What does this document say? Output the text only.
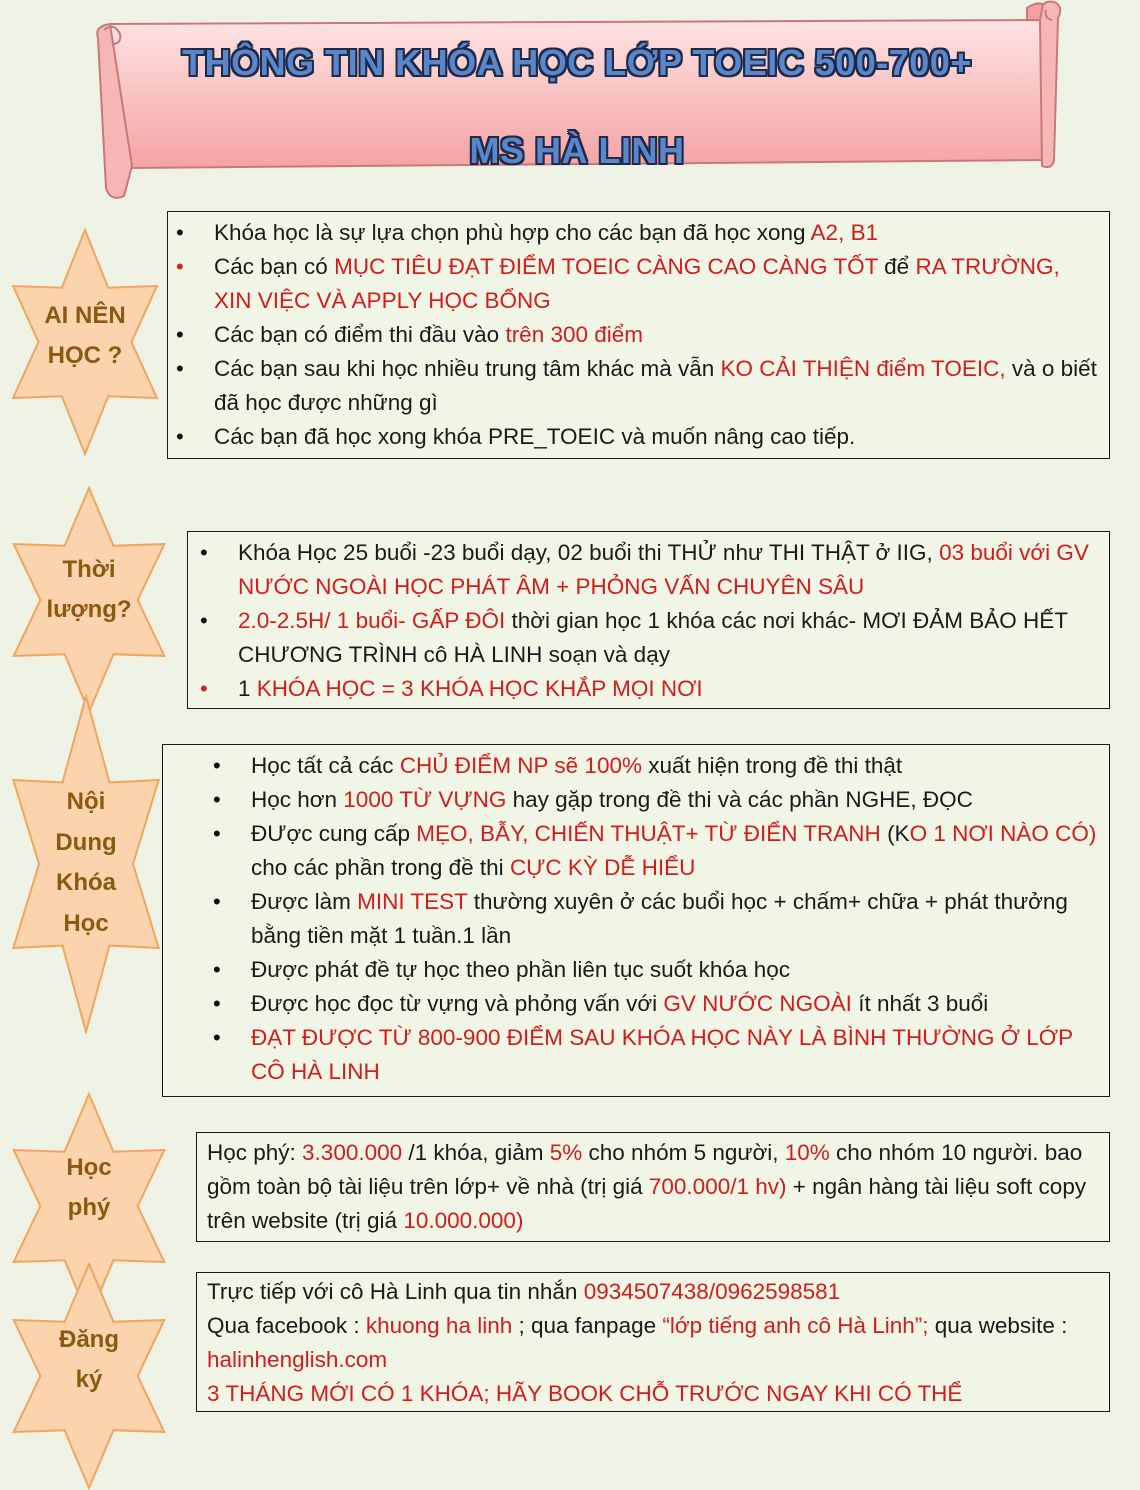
THÔNG TIN KHÓA HỌC LỚP TOEIC 500-700+
MS HÀ LINH
AI NÊN
HỌC ?
• Khóa học là sự lựa chọn phù hợp cho các bạn đã học xong A2, B1
• Các bạn có MỤC TIÊU ĐẠT ĐIỂM TOEIC CÀNG CAO CÀNG TỐT để RA TRƯỜNG, XIN VIỆC VÀ APPLY HỌC BỔNG
• Các bạn có điểm thi đầu vào trên 300 điểm
• Các bạn sau khi học nhiều trung tâm khác mà vẫn KO CẢI THIỆN điểm TOEIC, và o biết đã học được những gì
• Các bạn đã học xong khóa PRE_TOEIC và muốn nâng cao tiếp.
Thời
lượng?
• Khóa Học 25 buổi -23 buổi dạy, 02 buổi thi THỬ như THI THẬT ở IIG, 03 buổi với GV NƯỚC NGOÀI HỌC PHÁT ÂM + PHỎNG VẤN CHUYÊN SÂU
• 2.0-2.5H/ 1 buổi- GẤP ĐÔI thời gian học 1 khóa các nơi khác- MƠI ĐẢM BẢO HẾT CHƯƠNG TRÌNH cô HÀ LINH soạn và dạy
• 1 KHÓA HỌC = 3 KHÓA HỌC KHẮP MỌI NƠI
Nội
Dung
Khóa
Học
• Học tất cả các CHỦ ĐIỂM NP sẽ 100% xuất hiện trong đề thi thật
• Học hơn 1000 TỪ VỰNG hay gặp trong đề thi và các phần NGHE, ĐỌC
• ĐƯợc cung cấp MẸO, BẪY, CHIẾN THUẬT+ TỪ ĐIỂN TRANH (KO 1 NƠI NÀO CÓ) cho các phần trong đề thi CỰC KỲ DỄ HIỂU
• Được làm MINI TEST thường xuyên ở các buổi học + chấm+ chữa + phát thưởng bằng tiền mặt 1 tuần.1 lần
• Được phát đề tự học theo phần liên tục suốt khóa học
• Được học đọc từ vựng và phỏng vấn với GV NƯỚC NGOÀI ít nhất 3 buổi
• ĐẠT ĐƯỢC TỪ 800-900 ĐIỂM SAU KHÓA HỌC NÀY LÀ BÌNH THƯỜNG Ở LỚP CÔ HÀ LINH
Học
phý
Học phý: 3.300.000 /1 khóa, giảm 5% cho nhóm 5 người, 10% cho nhóm 10 người. bao gồm toàn bộ tài liệu trên lớp+ về nhà (trị giá 700.000/1 hv) + ngân hàng tài liệu soft copy trên website (trị giá 10.000.000)
Đăng
ký
Trực tiếp với cô Hà Linh qua tin nhắn 0934507438/0962598581
Qua facebook : khuong ha linh ; qua fanpage “lớp tiếng anh cô Hà Linh”; qua website : halinhenglish.com
3 THÁNG MỚI CÓ 1 KHÓA; HÃY BOOK CHỖ TRƯỚC NGAY KHI CÓ THỂ
